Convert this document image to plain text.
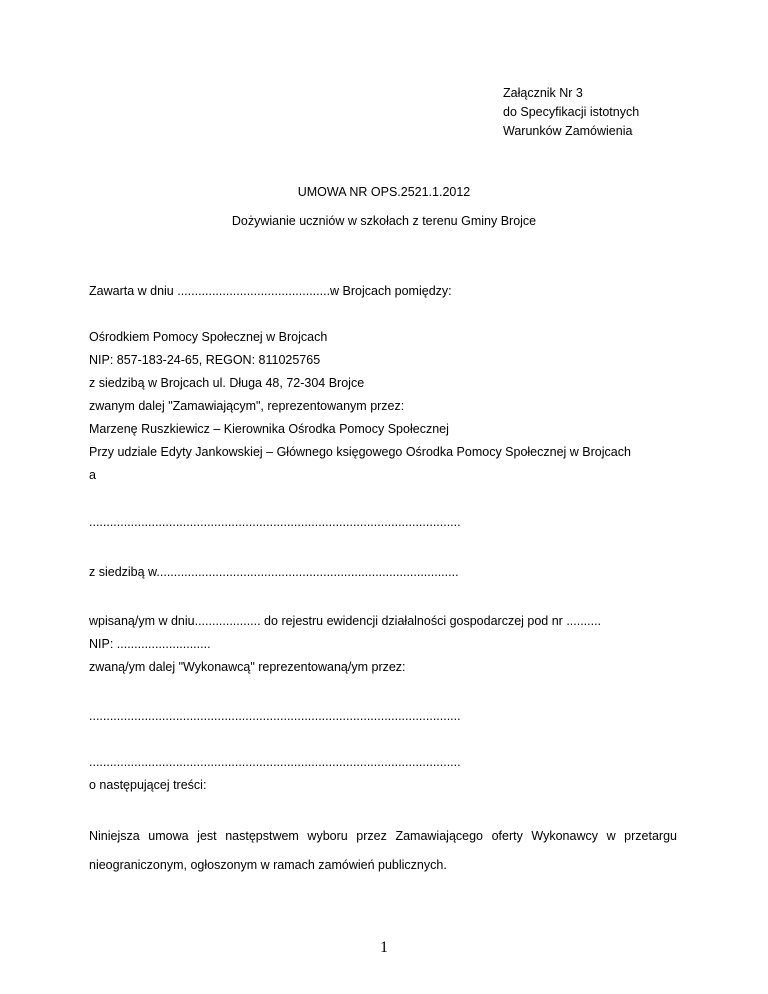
Załącznik Nr 3
do Specyfikacji istotnych
Warunków Zamówienia
UMOWA NR OPS.2521.1.2012
Dożywianie uczniów w szkołach z terenu Gminy Brojce
Zawarta w dniu ............................................w Brojcach pomiędzy:
Ośrodkiem Pomocy Społecznej w Brojcach
NIP: 857-183-24-65, REGON: 811025765
z siedzibą w Brojcach ul. Długa 48, 72-304 Brojce
zwanym dalej "Zamawiającym", reprezentowanym przez:
Marzenę Ruszkiewicz – Kierownika Ośrodka Pomocy Społecznej
Przy udziale Edyty Jankowskiej – Głównego księgowego Ośrodka Pomocy Społecznej w Brojcach
a
...........................................................................................................
z siedzibą w.......................................................................................
wpisaną/ym w dniu................... do rejestru ewidencji działalności gospodarczej pod nr ..........
NIP: ...........................
zwaną/ym dalej "Wykonawcą" reprezentowaną/ym przez:
...........................................................................................................
...........................................................................................................
o następującej treści:
Niniejsza umowa jest następstwem wyboru przez Zamawiającego oferty Wykonawcy w przetargu
nieograniczonym, ogłoszonym w ramach zamówień publicznych.
1
